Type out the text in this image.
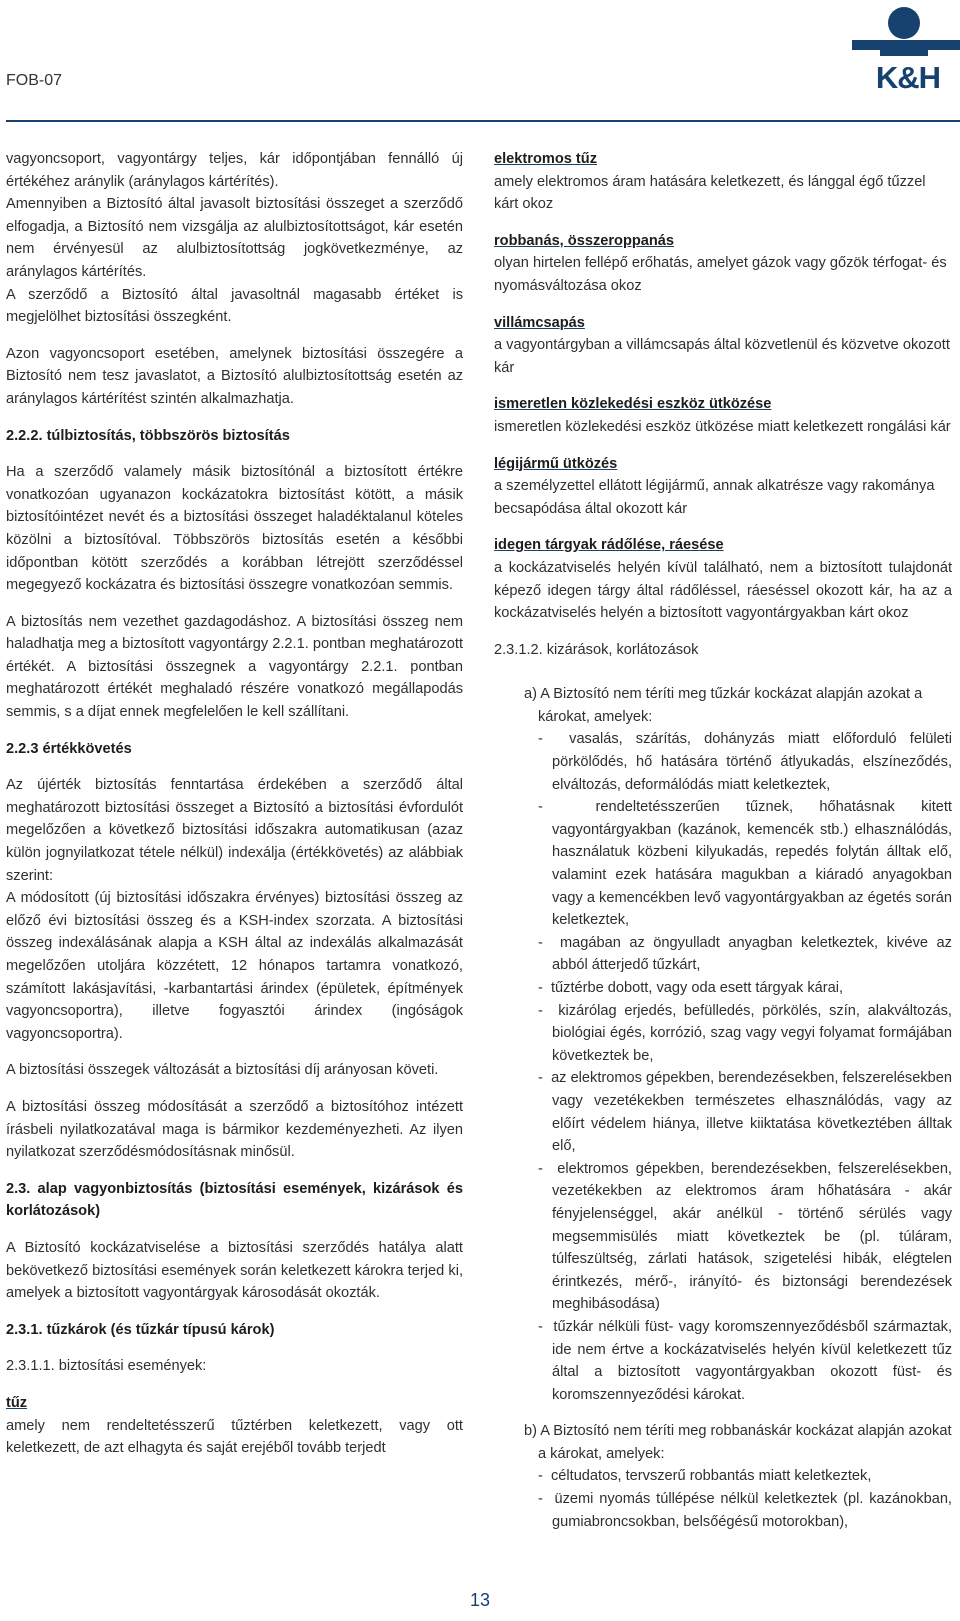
FOB-07	K&H

vagyoncsoport, vagyontárgy teljes, kár időpontjában fennálló új értékéhez aránylik (aránylagos kártérítés).

Amennyiben a Biztosító által javasolt biztosítási összeget a szerződő elfogadja, a Biztosító nem vizsgálja az alulbiztosítottságot, kár esetén nem érvényesül az alulbiztosítottság jogkövetkezménye, az aránylagos kártérítés.

A szerződő a Biztosító által javasoltnál magasabb értéket is megjelölhet biztosítási összegként.

Azon vagyoncsoport esetében, amelynek biztosítási összegére a Biztosító nem tesz javaslatot, a Biztosító alulbiztosítottság esetén az aránylagos kártérítést szintén alkalmazhatja.

2.2.2. túlbiztosítás, többszörös biztosítás

Ha a szerződő valamely másik biztosítónál a biztosított értékre vonatkozóan ugyanazon kockázatokra biztosítást kötött, a másik biztosítóintézet nevét és a biztosítási összeget haladéktalanul köteles közölni a biztosítóval. Többszörös biztosítás esetén a későbbi időpontban kötött szerződés a korábban létrejött szerződéssel megegyező kockázatra és biztosítási összegre vonatkozóan semmis.

A biztosítás nem vezethet gazdagodáshoz. A biztosítási összeg nem haladhatja meg a biztosított vagyontárgy 2.2.1. pontban meghatározott értékét. A biztosítási összegnek a vagyontárgy 2.2.1. pontban meghatározott értékét meghaladó részére vonatkozó megállapodás semmis, s a díjat ennek megfelelően le kell szállítani.

2.2.3 értékkövetés

Az újérték biztosítás fenntartása érdekében a szerződő által meghatározott biztosítási összeget a Biztosító a biztosítási évfordulót megelőzően a következő biztosítási időszakra automatikusan (azaz külön jognyilatkozat tétele nélkül) indexálja (értékkövetés) az alábbiak szerint:

A módosított (új biztosítási időszakra érvényes) biztosítási összeg az előző évi biztosítási összeg és a KSH-index szorzata. A biztosítási összeg indexálásának alapja a KSH által az indexálás alkalmazását megelőzően utoljára közzétett, 12 hónapos tartamra vonatkozó, számított lakásjavítási, -karbantartási árindex (épületek, építmények vagyoncsoportra), illetve fogyasztói árindex (ingóságok vagyoncsoportra).

A biztosítási összegek változását a biztosítási díj arányosan követi.

A biztosítási összeg módosítását a szerződő a biztosítóhoz intézett írásbeli nyilatkozatával maga is bármikor kezdeményezheti. Az ilyen nyilatkozat szerződésmódosításnak minősül.

2.3. alap vagyonbiztosítás (biztosítási események, kizárások és korlátozások)

A Biztosító kockázatviselése a biztosítási szerződés hatálya alatt bekövetkező biztosítási események során keletkezett károkra terjed ki, amelyek a biztosított vagyontárgyak károsodását okozták.

2.3.1. tűzkárok (és tűzkár típusú károk)

2.3.1.1. biztosítási események:

tűz

amely nem rendeltetésszerű tűztérben keletkezett, vagy ott keletkezett, de azt elhagyta és saját erejéből tovább terjedt

elektromos tűz

amely elektromos áram hatására keletkezett, és lánggal égő tűzzel kárt okoz

robbanás, összeroppanás

olyan hirtelen fellépő erőhatás, amelyet gázok vagy gőzök térfogat- és nyomásváltozása okoz

villámcsapás

a vagyontárgyban a villámcsapás által közvetlenül és közvetve okozott kár

ismeretlen közlekedési eszköz ütközése

ismeretlen közlekedési eszköz ütközése miatt keletkezett rongálási kár

légijármű ütközés

a személyzettel ellátott légijármű, annak alkatrésze vagy rakománya becsapódása által okozott kár

idegen tárgyak rádőlése, ráesése

a kockázatviselés helyén kívül található, nem a biztosított tulajdonát képező idegen tárgy által rádőléssel, ráeséssel okozott kár, ha az a kockázatviselés helyén a biztosított vagyontárgyakban kárt okoz

2.3.1.2. kizárások, korlátozások

a) A Biztosító nem téríti meg tűzkár kockázat alapján azokat a károkat, amelyek:

-  vasalás, szárítás, dohányzás miatt előforduló felületi pörkölődés, hő hatására történő átlyukadás, elszíneződés, elváltozás, deformálódás miatt keletkeztek,
-  rendeltetésszerűen tűznek, hőhatásnak kitett vagyontárgyakban (kazánok, kemencék stb.) elhasználódás, használatuk közbeni kilyukadás, repedés folytán álltak elő, valamint ezek hatására magukban a kiáradó anyagokban vagy a kemencékben levő vagyontárgyakban az égetés során keletkeztek,
-  magában az öngyulladt anyagban keletkeztek, kivéve az abból átterjedő tűzkárt,
-  tűztérbe dobott, vagy oda esett tárgyak kárai,
-  kizárólag erjedés, befülledés, pörkölés, szín, alakváltozás, biológiai égés, korrózió, szag vagy vegyi folyamat formájában következtek be,
-  az elektromos gépekben, berendezésekben, felszerelésekben vagy vezetékekben természetes elhasználódás, vagy az előírt védelem hiánya, illetve kiiktatása következtében álltak elő,
-  elektromos gépekben, berendezésekben, felszerelésekben, vezetékekben az elektromos áram hőhatására - akár fényjelenséggel, akár anélkül - történő sérülés vagy megsemmisülés miatt következtek be (pl. túláram, túlfeszültség, zárlati hatások, szigetelési hibák, elégtelen érintkezés, mérő-, irányító- és biztonsági berendezések meghibásodása)
-  tűzkár nélküli füst- vagy koromszennyeződésből származtak, ide nem értve a kockázatviselés helyén kívül keletkezett tűz által a biztosított vagyontárgyakban okozott füst- és koromszennyeződési károkat.

b) A Biztosító nem téríti meg robbanáskár kockázat alapján azokat a károkat, amelyek:

-  céltudatos, tervszerű robbantás miatt keletkeztek,
-  üzemi nyomás túllépése nélkül keletkeztek (pl. kazánokban, gumiabroncsokban, belsőégésű motorokban),
13
